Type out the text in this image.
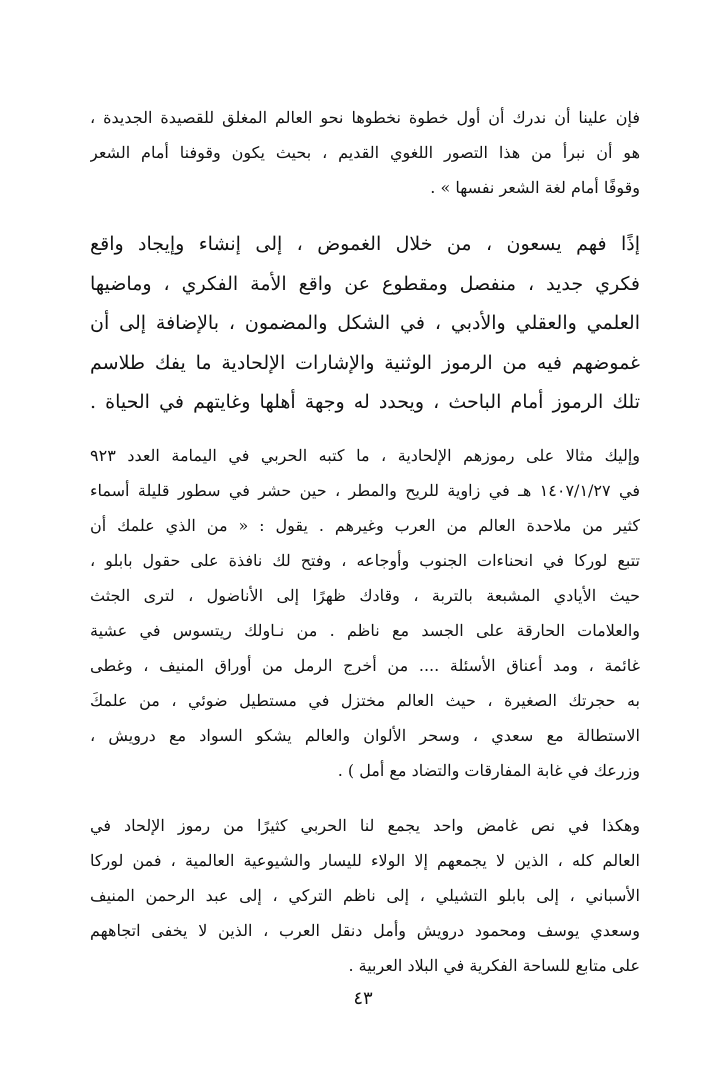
فإن علينا أن ندرك أن أول خطوة نخطوها نحو العالم المغلق للقصيدة الجديدة ،
هو أن نبرأ من هذا التصور اللغوي القديم ، بحيث يكون وقوفنا أمام الشعر
وقوفًا أمام لغة الشعر نفسها » .

إذًا فهم يسعون ، من خلال الغموض ، إلى إنشاء وإيجاد واقع
فكري جديد ، منفصل ومقطوع عن واقع الأمة الفكري ، وماضيها
العلمي والعقلي والأدبي ، في الشكل والمضمون ، بالإضافة إلى أن
غموضهم فيه من الرموز الوثنية والإشارات الإلحادية ما يفك طلاسم
تلك الرموز أمام الباحث ، ويحدد له وجهة أهلها وغايتهم في الحياة .

وإليك مثالا على رموزهم الإلحادية ، ما كتبه الحربي في اليمامة العدد ٩٢٣
في ١٤٠٧/١/٢٧ هـ في زاوية للريح والمطر ، حين حشر في سطور قليلة أسماء
كثير من ملاحدة العالم من العرب وغيرهم . يقول : « من الذي علمك أن
تتبع لوركا في انحناءات الجنوب وأوجاعه ، وفتح لك نافذة على حقول بابلو ،
حيث الأيادي المشبعة بالتربة ، وقادك ظهرًا إلى الأناضول ، لترى الجثث
والعلامات الحارقة على الجسد مع ناظم . من نـاولك ريتسوس في عشية
غائمة ، ومد أعناق الأسئلة .... من أخرج الرمل من أوراق المنيف ، وغطى
به حجرتك الصغيرة ، حيث العالم مختزل في مستطيل ضوئي ، من علمكَ
الاستطالة مع سعدي ، وسحر الألوان والعالم يشكو السواد مع درويش ،
وزرعك في غابة المفارقات والتضاد مع أمل ) .

وهكذا في نص غامض واحد يجمع لنا الحربي كثيرًا من رموز الإلحاد في
العالم كله ، الذين لا يجمعهم إلا الولاء لليسار والشيوعية العالمية ، فمن لوركا
الأسباني ، إلى بابلو التشيلي ، إلى ناظم التركي ، إلى عبد الرحمن المنيف
وسعدي يوسف ومحمود درويش وأمل دنقل العرب ، الذين لا يخفى اتجاههم
على متابع للساحة الفكرية في البلاد العربية .

٤٣
